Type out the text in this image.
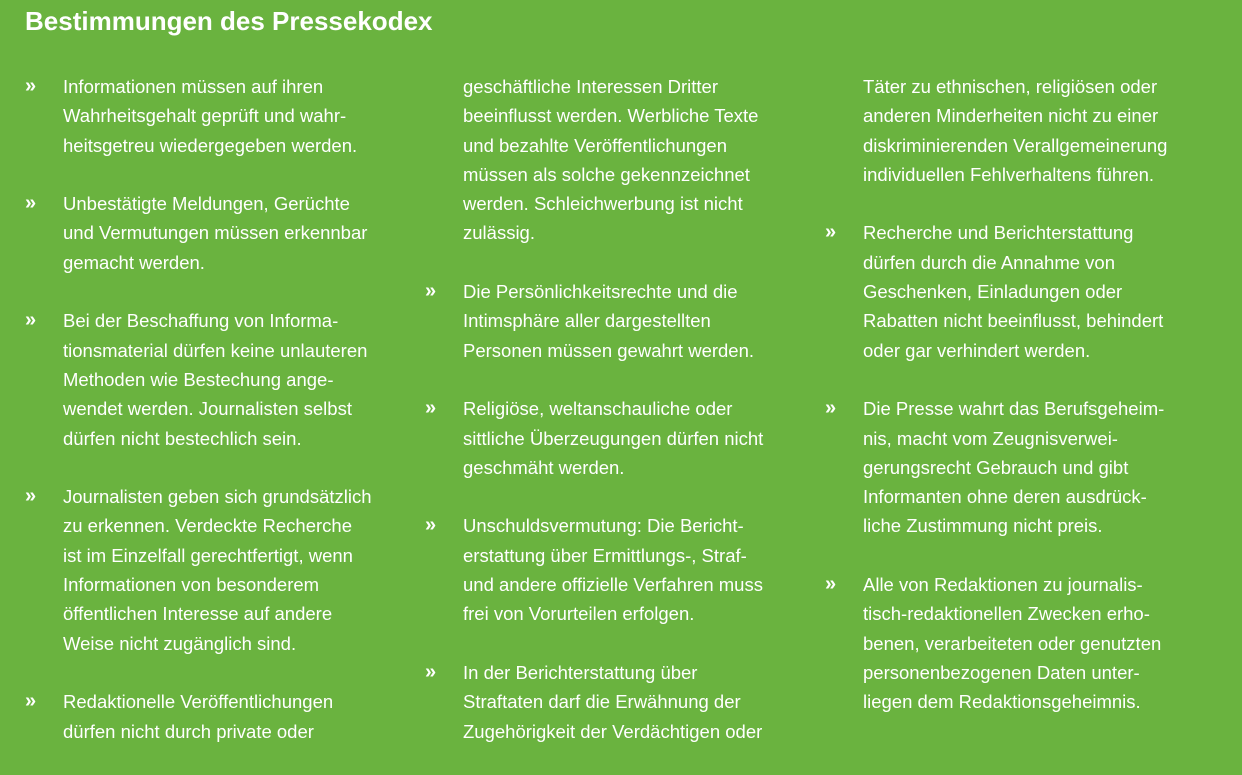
Bestimmungen des Pressekodex
» Informationen müssen auf ihren
Wahrheitsgehalt geprüft und wahr-
heitsgetreu wiedergegeben werden.
» Unbestätigte Meldungen, Gerüchte
und Vermutungen müssen erkennbar
gemacht werden.
» Bei der Beschaffung von Informa-
tionsmaterial dürfen keine unlauteren
Methoden wie Bestechung ange-
wendet werden. Journalisten selbst
dürfen nicht bestechlich sein.
» Journalisten geben sich grundsätzlich
zu erkennen. Verdeckte Recherche
ist im Einzelfall gerechtfertigt, wenn
Informationen von besonderem
öffentlichen Interesse auf andere
Weise nicht zugänglich sind.
» Redaktionelle Veröffentlichungen
dürfen nicht durch private oder
geschäftliche Interessen Dritter
beeinflusst werden. Werbliche Texte
und bezahlte Veröffentlichungen
müssen als solche gekennzeichnet
werden. Schleichwerbung ist nicht
zulässig.
» Die Persönlichkeitsrechte und die
Intimsphäre aller dargestellten
Personen müssen gewahrt werden.
» Religiöse, weltanschauliche oder
sittliche Überzeugungen dürfen nicht
geschmäht werden.
» Unschuldsvermutung: Die Bericht-
erstattung über Ermittlungs-, Straf-
und andere offizielle Verfahren muss
frei von Vorurteilen erfolgen.
» In der Berichterstattung über
Straftaten darf die Erwähnung der
Zugehörigkeit der Verdächtigen oder
Täter zu ethnischen, religiösen oder
anderen Minderheiten nicht zu einer
diskriminierenden Verallgemeinerung
individuellen Fehlverhaltens führen.
» Recherche und Berichterstattung
dürfen durch die Annahme von
Geschenken, Einladungen oder
Rabatten nicht beeinflusst, behindert
oder gar verhindert werden.
» Die Presse wahrt das Berufsgeheim-
nis, macht vom Zeugnisverwei-
gerungsrecht Gebrauch und gibt
Informanten ohne deren ausdrück-
liche Zustimmung nicht preis.
» Alle von Redaktionen zu journalis-
tisch-redaktionellen Zwecken erho-
benen, verarbeiteten oder genutzten
personenbezogenen Daten unter-
liegen dem Redaktionsgeheimnis.
